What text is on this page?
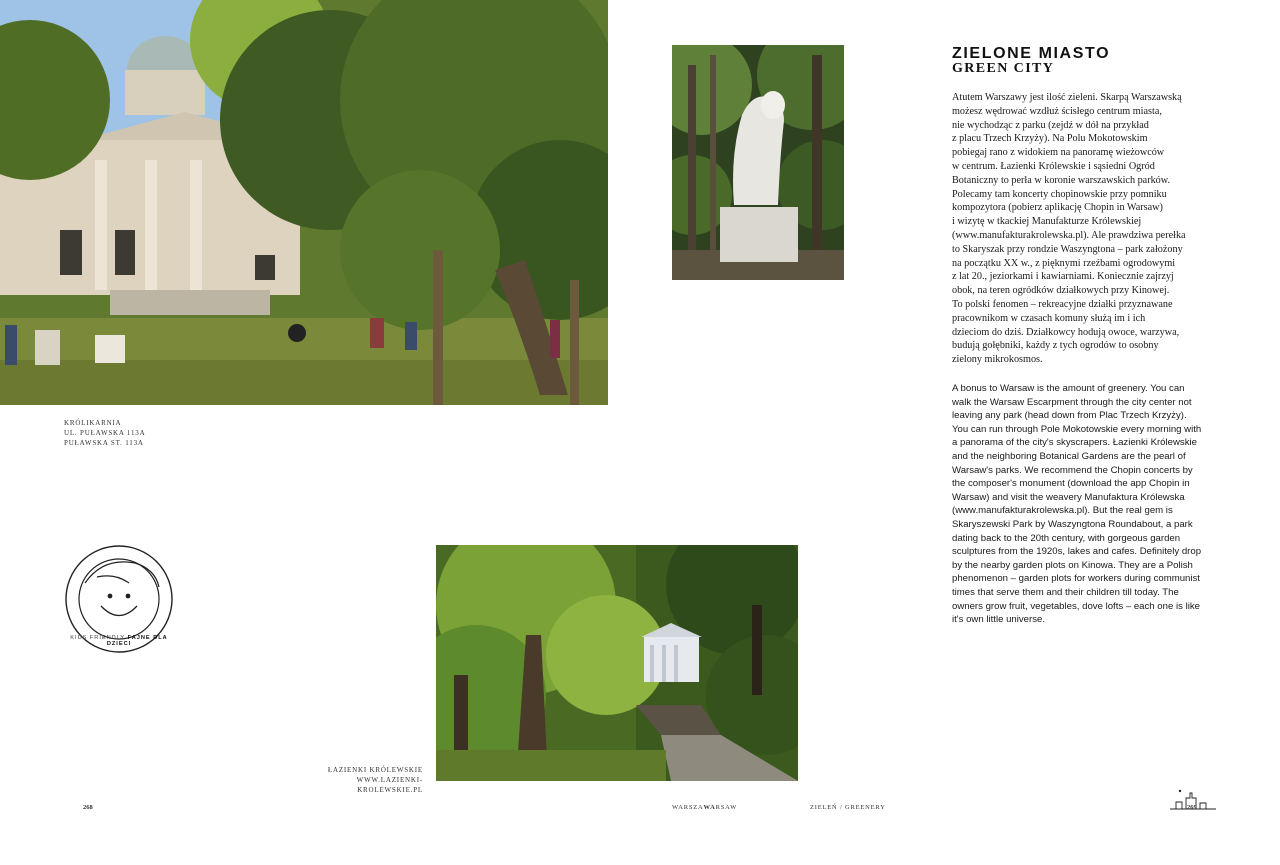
KRÓLIKARNIA
UL. PUŁAWSKA 113A
PUŁAWSKA ST. 113A
KIDS FRIENDLY FAJNE DLA DZIECI
ŁAZIENKI KRÓLEWSKIE
WWW.LAZIENKI-KROLEWSKIE.PL
268
ZIELONE MIASTO
GREEN CITY
Atutem Warszawy jest ilość zieleni. Skarpą Warszawską
możesz wędrować wzdłuż ścisłego centrum miasta,
nie wychodząc z parku (zejdź w dół na przykład
z placu Trzech Krzyży). Na Polu Mokotowskim
pobiegaj rano z widokiem na panoramę wieżowców
w centrum. Łazienki Królewskie i sąsiedni Ogród
Botaniczny to perła w koronie warszawskich parków.
Polecamy tam koncerty chopinowskie przy pomniku
kompozytora (pobierz aplikację Chopin in Warsaw)
i wizytę w tkackiej Manufakturze Królewskiej
(www.manufakturakrolewska.pl). Ale prawdziwa perełka
to Skaryszak przy rondzie Waszyngtona – park założony
na początku XX w., z pięknymi rzeźbami ogrodowymi
z lat 20., jeziorkami i kawiarniami. Koniecznie zajrzyj
obok, na teren ogródków działkowych przy Kinowej.
To polski fenomen – rekreacyjne działki przyznawane
pracownikom w czasach komuny służą im i ich
dzieciom do dziś. Działkowcy hodują owoce, warzywa,
budują gołębniki, każdy z tych ogrodów to osobny
zielony mikrokosmos.
A bonus to Warsaw is the amount of greenery. You can
walk the Warsaw Escarpment through the city center not
leaving any park (head down from Plac Trzech Krzyży).
You can run through Pole Mokotowskie every morning with
a panorama of the city's skyscrapers. Łazienki Królewskie
and the neighboring Botanical Gardens are the pearl of
Warsaw's parks. We recommend the Chopin concerts by
the composer's monument (download the app Chopin in
Warsaw) and visit the weavery Manufaktura Królewska
(www.manufakturakrolewska.pl). But the real gem is
Skaryszewski Park by Waszyngtona Roundabout, a park
dating back to the 20th century, with gorgeous garden
sculptures from the 1920s, lakes and cafes. Definitely drop
by the nearby garden plots on Kinowa. They are a Polish
phenomenon – garden plots for workers during communist
times that serve them and their children till today. The
owners grow fruit, vegetables, dove lofts – each one is like
it's own little universe.
WARSZAWARSAW	ZIELEŃ / GREENERY	269
